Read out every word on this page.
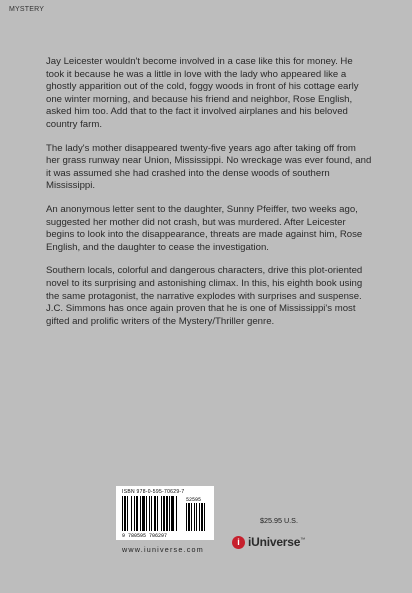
MYSTERY

Jay Leicester wouldn't become involved in a case like this for money. He took it because he was a little in love with the lady who appeared like a ghostly apparition out of the cold, foggy woods in front of his cottage early one winter morning, and because his friend and neighbor, Rose English, asked him too. Add that to the fact it involved airplanes and his beloved country farm.

The lady's mother disappeared twenty-five years ago after taking off from her grass runway near Union, Mississippi. No wreckage was ever found, and it was assumed she had crashed into the dense woods of southern Mississippi.

An anonymous letter sent to the daughter, Sunny Pfeiffer, two weeks ago, suggested her mother did not crash, but was murdered. After Leicester begins to look into the disappearance, threats are made against him, Rose English, and the daughter to cease the investigation.

Southern locals, colorful and dangerous characters, drive this plot-oriented novel to its surprising and astonishing climax. In this, his eighth book using the same protagonist, the narrative explodes with surprises and suspense. J.C. Simmons has once again proven that he is one of Mississippi's most gifted and prolific writers of the Mystery/Thriller genre.

ISBN 978-0-595-70629-7
9 780595 706297
52595
www.iuniverse.com
$25.95 U.S.
i iUniverse™
